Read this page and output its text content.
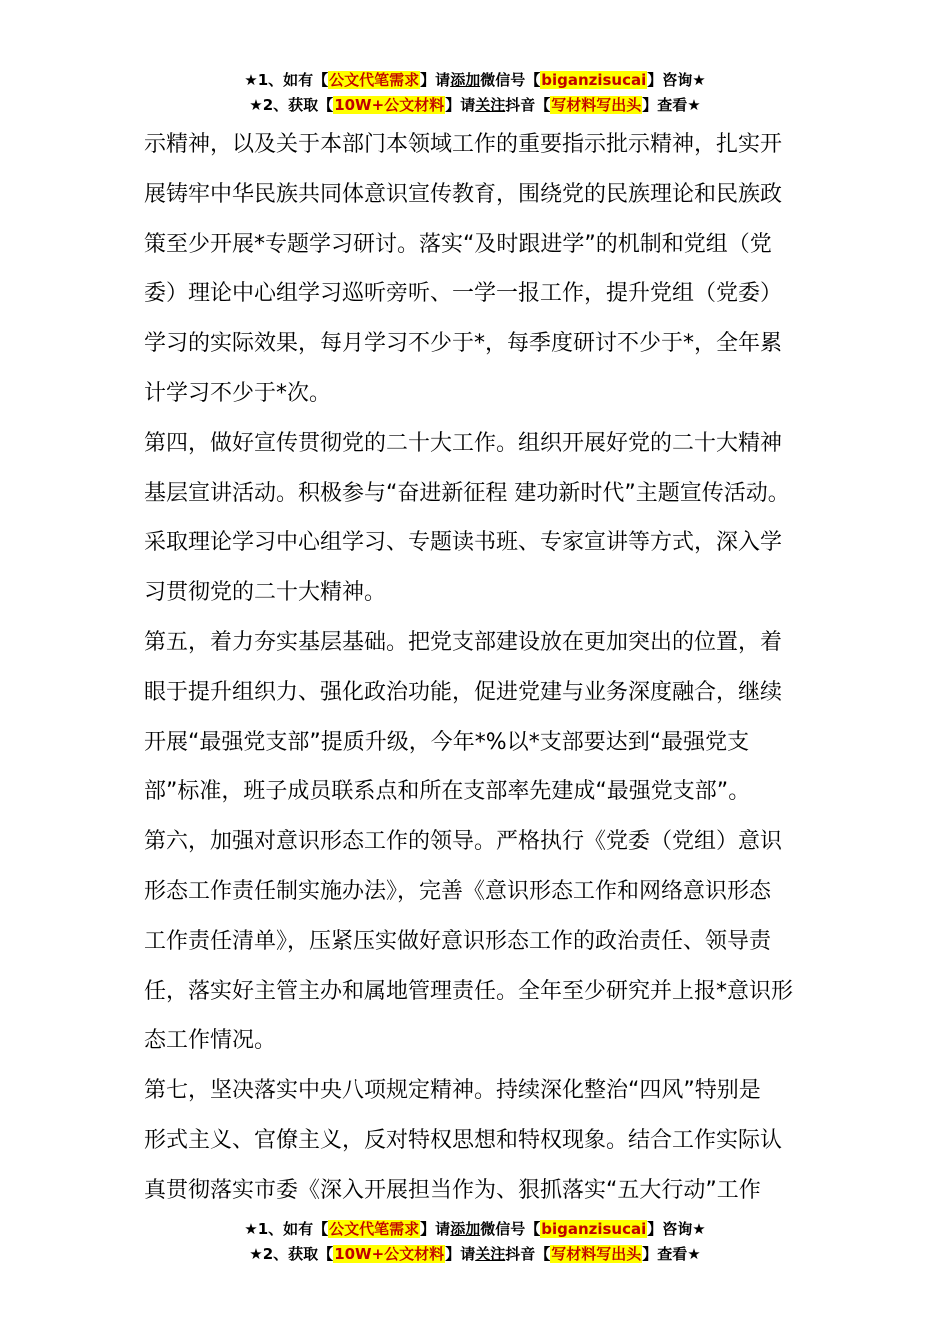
★1、如有【公文代笔需求】请添加微信号【biganzisucai】咨询★
★2、获取【10W+公文材料】请关注抖音【写材料写出头】查看★
示精神，以及关于本部门本领域工作的重要指示批示精神，扎实开
展铸牢中华民族共同体意识宣传教育，围绕党的民族理论和民族政
策至少开展*专题学习研讨。落实“及时跟进学”的机制和党组（党
委）理论中心组学习巡听旁听、一学一报工作，提升党组（党委）
学习的实际效果，每月学习不少于*，每季度研讨不少于*，全年累
计学习不少于*次。
第四，做好宣传贯彻党的二十大工作。组织开展好党的二十大精神
基层宣讲活动。积极参与“奋进新征程 建功新时代”主题宣传活动。
采取理论学习中心组学习、专题读书班、专家宣讲等方式，深入学
习贯彻党的二十大精神。
第五，着力夯实基层基础。把党支部建设放在更加突出的位置，着
眼于提升组织力、强化政治功能，促进党建与业务深度融合，继续
开展“最强党支部”提质升级，今年*%以*支部要达到“最强党支
部”标准，班子成员联系点和所在支部率先建成“最强党支部”。
第六，加强对意识形态工作的领导。严格执行《党委（党组）意识
形态工作责任制实施办法》，完善《意识形态工作和网络意识形态
工作责任清单》，压紧压实做好意识形态工作的政治责任、领导责
任，落实好主管主办和属地管理责任。全年至少研究并上报*意识形
态工作情况。
第七，坚决落实中央八项规定精神。持续深化整治“四风”特别是
形式主义、官僚主义，反对特权思想和特权现象。结合工作实际认
真贯彻落实市委《深入开展担当作为、狠抓落实“五大行动”工作
★1、如有【公文代笔需求】请添加微信号【biganzisucai】咨询★
★2、获取【10W+公文材料】请关注抖音【写材料写出头】查看★
